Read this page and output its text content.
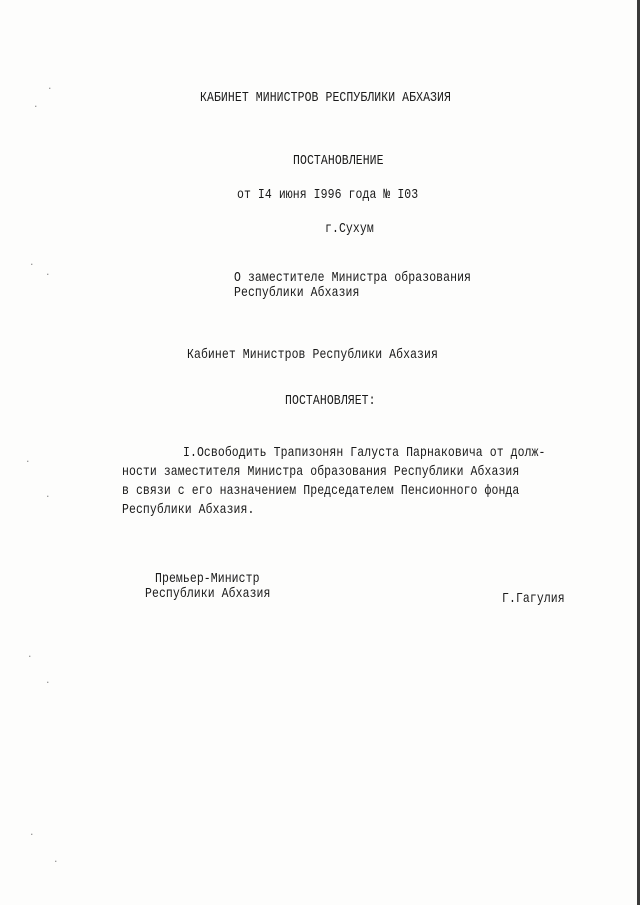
·
·
·
·
·
·
·
·
·
·
КАБИНЕТ МИНИСТРОВ РЕСПУБЛИКИ АБХАЗИЯ
ПОСТАНОВЛЕНИЕ
от I4 июня I996 года № I03
г.Сухум
О заместителе Министра образования
Республики Абхазия
Кабинет Министров Республики Абхазия
ПОСТАНОВЛЯЕТ:
I.Освободить Трапизонян Галуста Парнаковича от долж-
ности заместителя Министра образования Республики Абхазия
в связи с его назначением Председателем Пенсионного фонда
Республики Абхазия.
Премьер-Министр
Республики Абхазия	Г.Гагулия
